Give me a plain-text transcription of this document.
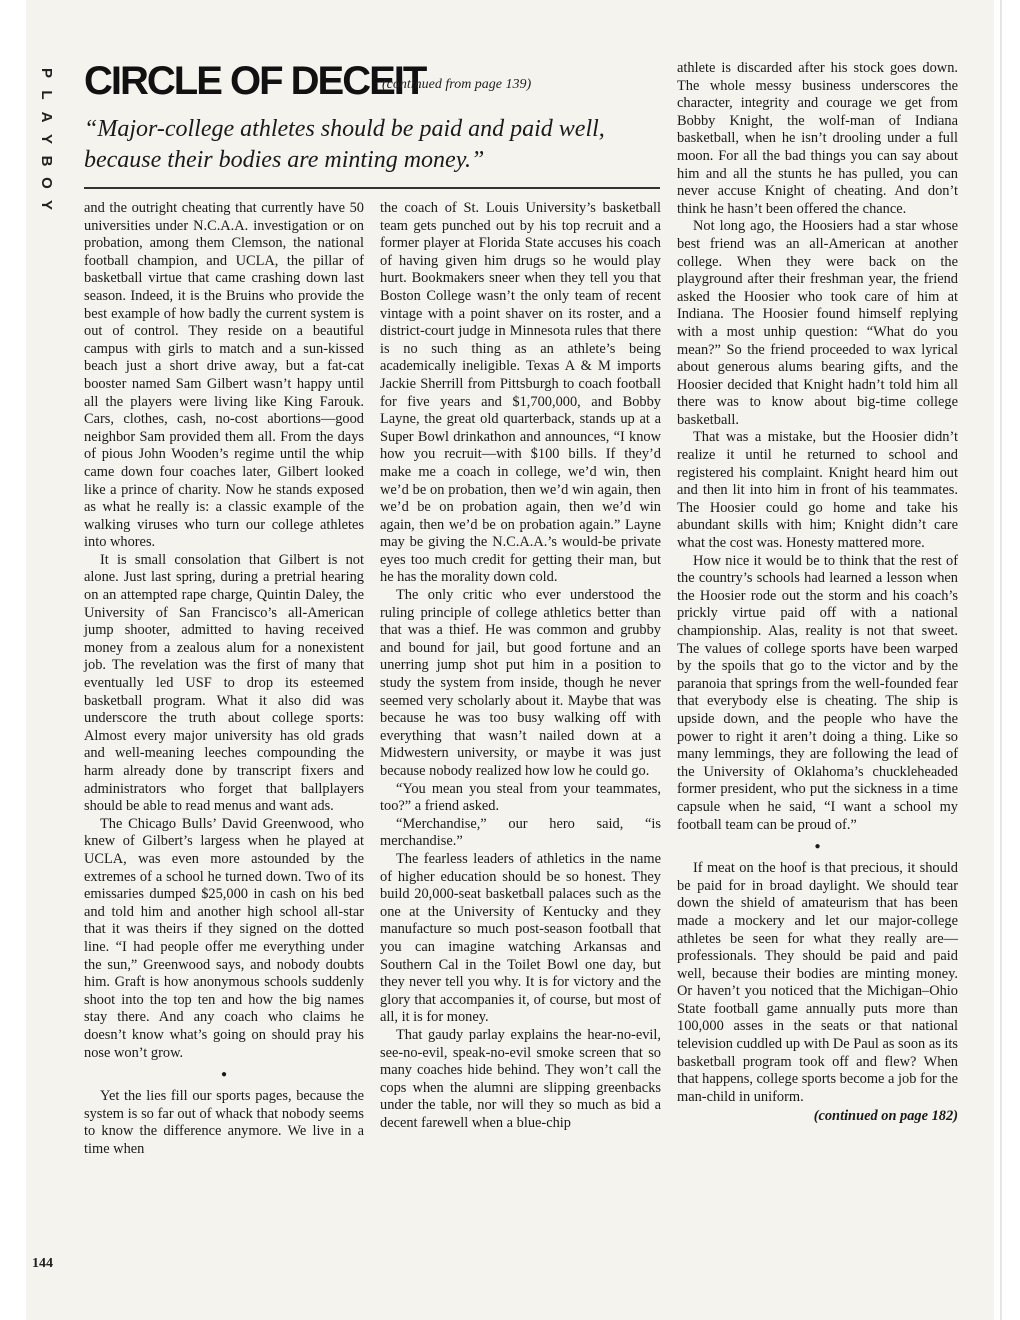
P
L
A
Y
B
O
Y
CIRCLE OF DECEIT
(continued from page 139)
“Major-college athletes should be paid and paid well, because their bodies are minting money.”

and the outright cheating that currently have 50 universities under N.C.A.A. investigation or on probation, among them Clemson, the national football champion, and UCLA, the pillar of basketball virtue that came crashing down last season. Indeed, it is the Bruins who provide the best example of how badly the current system is out of control. They reside on a beautiful campus with girls to match and a sun-kissed beach just a short drive away, but a fat-cat booster named Sam Gilbert wasn’t happy until all the players were living like King Farouk. Cars, clothes, cash, no-cost abortions—good neighbor Sam provided them all. From the days of pious John Wooden’s regime until the whip came down four coaches later, Gilbert looked like a prince of charity. Now he stands exposed as what he really is: a classic example of the walking viruses who turn our college athletes into whores.

It is small consolation that Gilbert is not alone. Just last spring, during a pretrial hearing on an attempted rape charge, Quintin Daley, the University of San Francisco’s all-American jump shooter, admitted to having received money from a zealous alum for a nonexistent job. The revelation was the first of many that eventually led USF to drop its esteemed basketball program. What it also did was underscore the truth about college sports: Almost every major university has old grads and well-meaning leeches compounding the harm already done by transcript fixers and administrators who forget that ballplayers should be able to read menus and want ads.

The Chicago Bulls’ David Greenwood, who knew of Gilbert’s largess when he played at UCLA, was even more astounded by the extremes of a school he turned down. Two of its emissaries dumped $25,000 in cash on his bed and told him and another high school all-star that it was theirs if they signed on the dotted line. “I had people offer me everything under the sun,” Greenwood says, and nobody doubts him. Graft is how anonymous schools suddenly shoot into the top ten and how the big names stay there. And any coach who claims he doesn’t know what’s going on should pray his nose won’t grow.

●

Yet the lies fill our sports pages, because the system is so far out of whack that nobody seems to know the difference anymore. We live in a time when

the coach of St. Louis University’s basketball team gets punched out by his top recruit and a former player at Florida State accuses his coach of having given him drugs so he would play hurt. Bookmakers sneer when they tell you that Boston College wasn’t the only team of recent vintage with a point shaver on its roster, and a district-court judge in Minnesota rules that there is no such thing as an athlete’s being academically ineligible. Texas A & M imports Jackie Sherrill from Pittsburgh to coach football for five years and $1,700,000, and Bobby Layne, the great old quarterback, stands up at a Super Bowl drinkathon and announces, “I know how you recruit—with $100 bills. If they’d make me a coach in college, we’d win, then we’d be on probation, then we’d win again, then we’d be on probation again, then we’d win again, then we’d be on probation again.” Layne may be giving the N.C.A.A.’s would-be private eyes too much credit for getting their man, but he has the morality down cold.

The only critic who ever understood the ruling principle of college athletics better than that was a thief. He was common and grubby and bound for jail, but good fortune and an unerring jump shot put him in a position to study the system from inside, though he never seemed very scholarly about it. Maybe that was because he was too busy walking off with everything that wasn’t nailed down at a Midwestern university, or maybe it was just because nobody realized how low he could go.

“You mean you steal from your teammates, too?” a friend asked.

“Merchandise,” our hero said, “is merchandise.”

The fearless leaders of athletics in the name of higher education should be so honest. They build 20,000-seat basketball palaces such as the one at the University of Kentucky and they manufacture so much post-season football that you can imagine watching Arkansas and Southern Cal in the Toilet Bowl one day, but they never tell you why. It is for victory and the glory that accompanies it, of course, but most of all, it is for money.

That gaudy parlay explains the hear-no-evil, see-no-evil, speak-no-evil smoke screen that so many coaches hide behind. They won’t call the cops when the alumni are slipping greenbacks under the table, nor will they so much as bid a decent farewell when a blue-chip

athlete is discarded after his stock goes down. The whole messy business underscores the character, integrity and courage we get from Bobby Knight, the wolf-man of Indiana basketball, when he isn’t drooling under a full moon. For all the bad things you can say about him and all the stunts he has pulled, you can never accuse Knight of cheating. And don’t think he hasn’t been offered the chance.

Not long ago, the Hoosiers had a star whose best friend was an all-American at another college. When they were back on the playground after their freshman year, the friend asked the Hoosier who took care of him at Indiana. The Hoosier found himself replying with a most unhip question: “What do you mean?” So the friend proceeded to wax lyrical about generous alums bearing gifts, and the Hoosier decided that Knight hadn’t told him all there was to know about big-time college basketball.

That was a mistake, but the Hoosier didn’t realize it until he returned to school and registered his complaint. Knight heard him out and then lit into him in front of his teammates. The Hoosier could go home and take his abundant skills with him; Knight didn’t care what the cost was. Honesty mattered more.

How nice it would be to think that the rest of the country’s schools had learned a lesson when the Hoosier rode out the storm and his coach’s prickly virtue paid off with a national championship. Alas, reality is not that sweet. The values of college sports have been warped by the spoils that go to the victor and by the paranoia that springs from the well-founded fear that everybody else is cheating. The ship is upside down, and the people who have the power to right it aren’t doing a thing. Like so many lemmings, they are following the lead of the University of Oklahoma’s chuckleheaded former president, who put the sickness in a time capsule when he said, “I want a school my football team can be proud of.”

●

If meat on the hoof is that precious, it should be paid for in broad daylight. We should tear down the shield of amateurism that has been made a mockery and let our major-college athletes be seen for what they really are—professionals. They should be paid and paid well, because their bodies are minting money. Or haven’t you noticed that the Michigan–Ohio State football game annually puts more than 100,000 asses in the seats or that national television cuddled up with De Paul as soon as its basketball program took off and flew? When that happens, college sports become a job for the man-child in uniform.

(continued on page 182)

144
